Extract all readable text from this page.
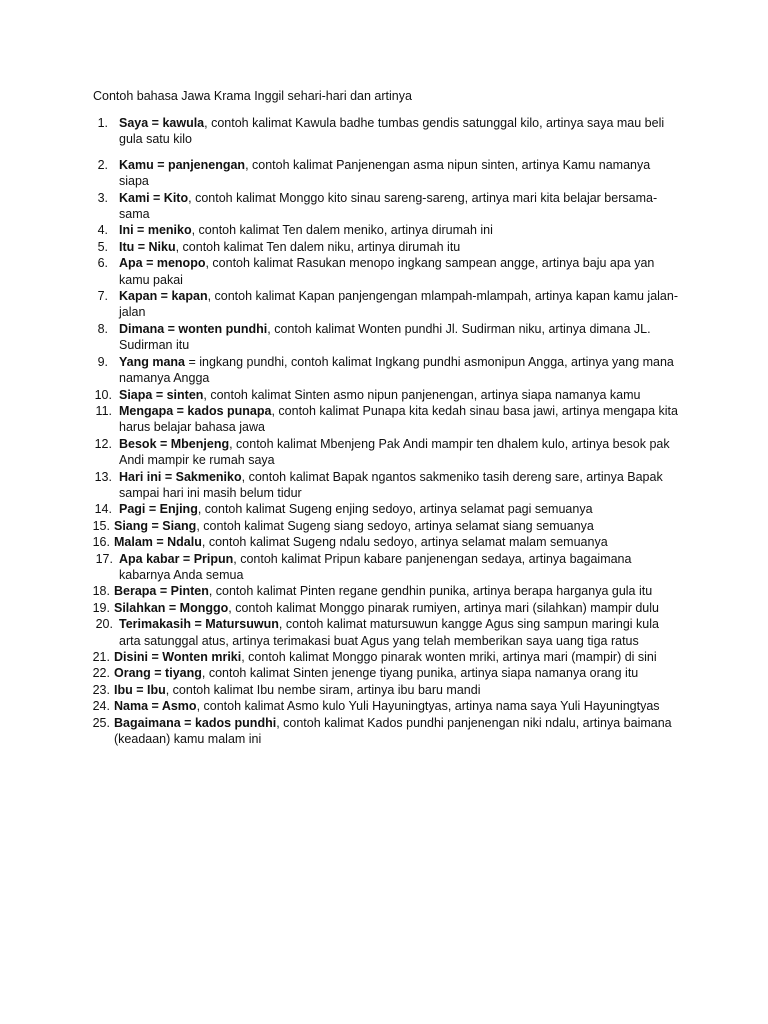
Contoh bahasa Jawa Krama Inggil sehari-hari dan artinya
1. Saya = kawula, contoh kalimat Kawula badhe tumbas gendis satunggal kilo, artinya saya mau beli gula satu kilo
2. Kamu = panjenengan, contoh kalimat Panjenengan asma nipun sinten, artinya Kamu namanya siapa
3. Kami = Kito, contoh kalimat Monggo kito sinau sareng-sareng, artinya mari kita belajar bersama-sama
4. Ini = meniko, contoh kalimat Ten dalem meniko, artinya dirumah ini
5. Itu = Niku, contoh kalimat Ten dalem niku, artinya dirumah itu
6. Apa = menopo, contoh kalimat Rasukan menopo ingkang sampean angge, artinya baju apa yan kamu pakai
7. Kapan = kapan, contoh kalimat Kapan panjengengan mlampah-mlampah, artinya kapan kamu jalan-jalan
8. Dimana = wonten pundhi, contoh kalimat Wonten pundhi Jl. Sudirman niku, artinya dimana JL. Sudirman itu
9. Yang mana = ingkang pundhi, contoh kalimat Ingkang pundhi asmonipun Angga, artinya yang mana namanya Angga
10. Siapa = sinten, contoh kalimat Sinten asmo nipun panjenengan, artinya siapa namanya kamu
11. Mengapa = kados punapa, contoh kalimat Punapa kita kedah sinau basa jawi, artinya mengapa kita harus belajar bahasa jawa
12. Besok = Mbenjeng, contoh kalimat Mbenjeng Pak Andi mampir ten dhalem kulo, artinya besok pak Andi mampir ke rumah saya
13. Hari ini = Sakmeniko, contoh kalimat Bapak ngantos sakmeniko tasih dereng sare, artinya Bapak sampai hari ini masih belum tidur
14. Pagi = Enjing, contoh kalimat Sugeng enjing sedoyo, artinya selamat pagi semuanya
15. Siang = Siang, contoh kalimat Sugeng siang sedoyo, artinya selamat siang semuanya
16. Malam = Ndalu, contoh kalimat Sugeng ndalu sedoyo, artinya selamat malam semuanya
17. Apa kabar = Pripun, contoh kalimat Pripun kabare panjenengan sedaya, artinya bagaimana kabarnya Anda semua
18. Berapa = Pinten, contoh kalimat Pinten regane gendhin punika, artinya berapa harganya gula itu
19. Silahkan = Monggo, contoh kalimat Monggo pinarak rumiyen, artinya mari (silahkan) mampir dulu
20. Terimakasih = Matursuwun, contoh kalimat matursuwun kangge Agus sing sampun maringi kula arta satunggal atus, artinya terimakasi buat Agus yang telah memberikan saya uang tiga ratus
21. Disini = Wonten mriki, contoh kalimat Monggo pinarak wonten mriki, artinya mari (mampir) di sini
22. Orang = tiyang, contoh kalimat Sinten jenenge tiyang punika, artinya siapa namanya orang itu
23. Ibu = Ibu, contoh kalimat Ibu nembe siram, artinya ibu baru mandi
24. Nama = Asmo, contoh kalimat Asmo kulo Yuli Hayuningtyas, artinya nama saya Yuli Hayuningtyas
25. Bagaimana = kados pundhi, contoh kalimat Kados pundhi panjenengan niki ndalu, artinya baimana (keadaan) kamu malam ini
